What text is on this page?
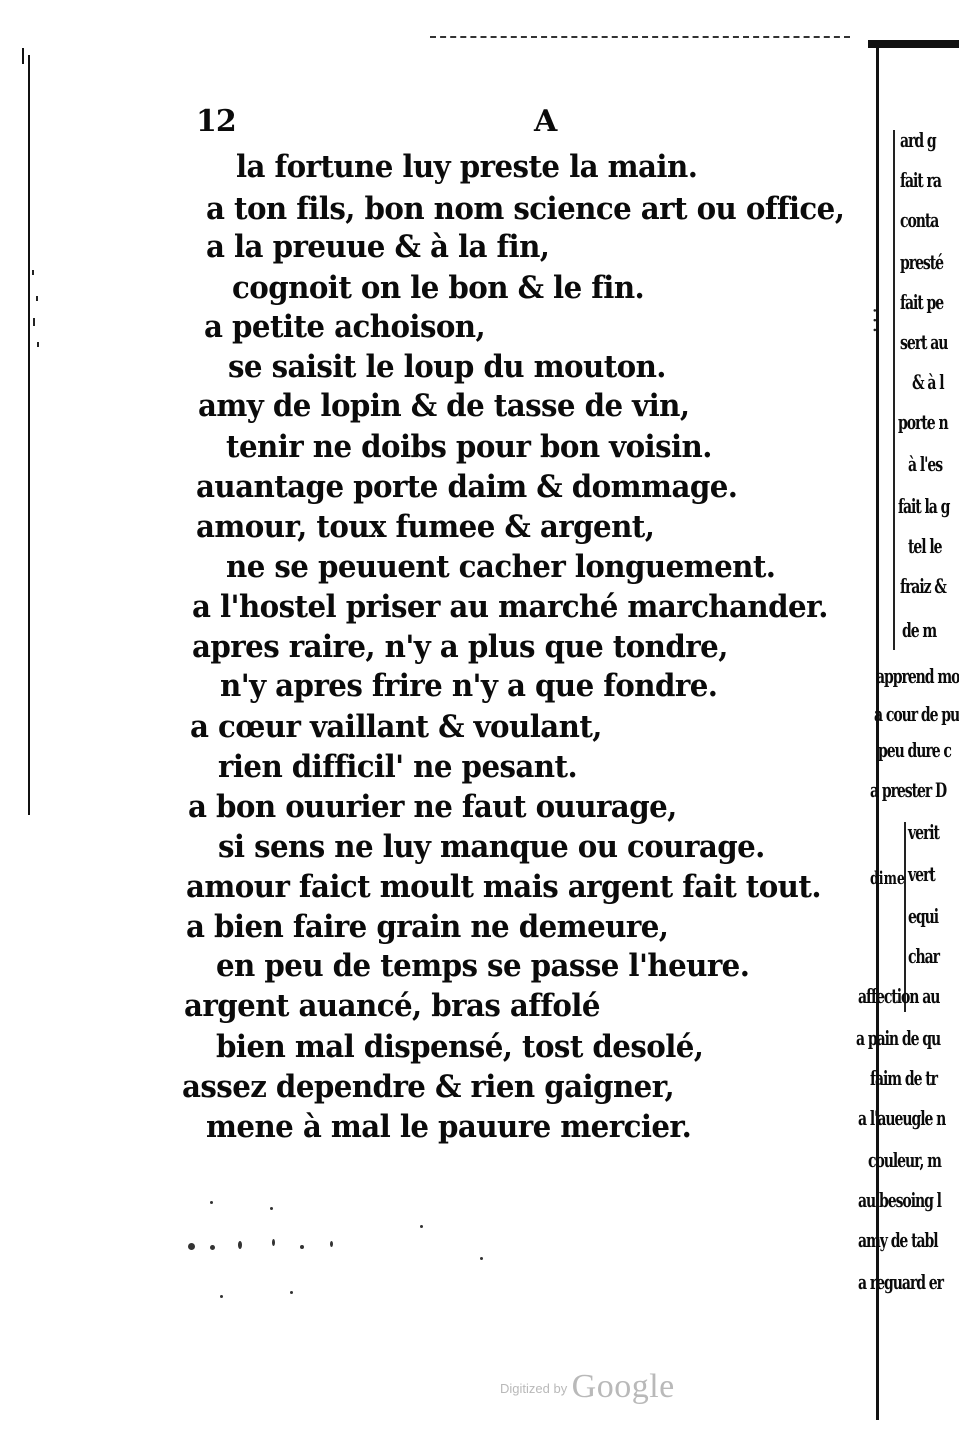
12	A
la fortune luy preste la main.
a ton fils, bon nom science art ou office,
a la preuue & à la fin,
cognoit on le bon & le fin.
a petite achoison,
se saisit le loup du mouton.
amy de lopin & de tasse de vin,
tenir ne doibs pour bon voisin.
auantage porte daim & dommage.
amour, toux fumee & argent,
ne se peuuent cacher longuement.
a l'hostel priser au marché marchander.
apres raire, n'y a plus que tondre,
n'y apres frire n'y a que fondre.
a cœur vaillant & voulant,
rien difficil' ne pesant.
a bon ouurier ne faut ouurage,
si sens ne luy manque ou courage.
amour faict moult mais argent fait tout.
a bien faire grain ne demeure,
en peu de temps se passe l'heure.
argent auancé, bras affolé
bien mal dispensé, tost desolé,
assez dependre & rien gaigner,
mene à mal le pauure mercier.
· · ·
ard g
fait ra
conta
presté
fait pe
sert au
& à l
porte n
à l'es
fait la g
tel le
fraiz &
de m
apprend mo
a cour de pu
peu dure c
a prester D
verit
vert
equi
char
dime
affection au
a pain de qu
faim de tr
a l'aueugle n
couleur, m
au besoing l
amy de tabl
a reguard er
$^{Digitized by}$ Google
